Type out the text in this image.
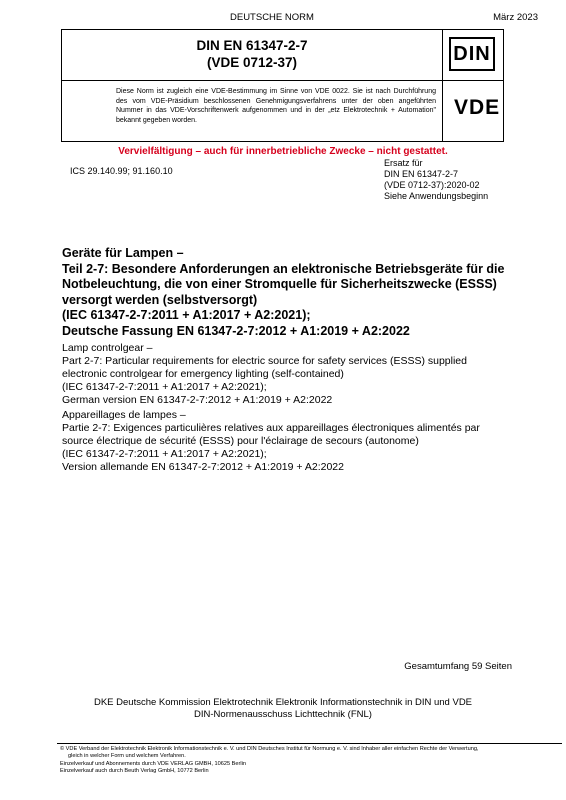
DEUTSCHE NORM	März 2023
DIN EN 61347-2-7
(VDE 0712-37)	DIN
Diese Norm ist zugleich eine VDE-Bestimmung im Sinne von VDE 0022. Sie ist nach Durchführung des vom VDE-Präsidium beschlossenen Genehmigungsverfahrens unter der oben angeführten Nummer in das VDE-Vorschriftenwerk aufgenommen und in der „etz Elektrotechnik + Automation" bekannt gegeben worden.
VDE
Vervielfältigung – auch für innerbetriebliche Zwecke – nicht gestattet.
ICS 29.140.99; 91.160.10
Ersatz für
DIN EN 61347-2-7
(VDE 0712-37):2020-02
Siehe Anwendungsbeginn
Geräte für Lampen –
Teil 2-7: Besondere Anforderungen an elektronische Betriebsgeräte für die
Notbeleuchtung, die von einer Stromquelle für Sicherheitszwecke (ESSS)
versorgt werden (selbstversorgt)
(IEC 61347-2-7:2011 + A1:2017 + A2:2021);
Deutsche Fassung EN 61347-2-7:2012 + A1:2019 + A2:2022
Lamp controlgear –
Part 2-7: Particular requirements for electric source for safety services (ESSS) supplied
electronic controlgear for emergency lighting (self-contained)
(IEC 61347-2-7:2011 + A1:2017 + A2:2021);
German version EN 61347-2-7:2012 + A1:2019 + A2:2022
Appareillages de lampes –
Partie 2-7: Exigences particulières relatives aux appareillages électroniques alimentés par
source électrique de sécurité (ESSS) pour l'éclairage de secours (autonome)
(IEC 61347-2-7:2011 + A1:2017 + A2:2021);
Version allemande EN 61347-2-7:2012 + A1:2019 + A2:2022
Gesamtumfang 59 Seiten
DKE Deutsche Kommission Elektrotechnik Elektronik Informationstechnik in DIN und VDE
DIN-Normenausschuss Lichttechnik (FNL)
© VDE Verband der Elektrotechnik Elektronik Informationstechnik e. V. und DIN Deutsches Institut für Normung e. V. sind Inhaber aller einfachen Rechte der Verwertung,
gleich in welcher Form und welchem Verfahren.
Einzelverkauf und Abonnements durch VDE VERLAG GMBH, 10625 Berlin
Einzelverkauf auch durch Beuth Verlag GmbH, 10772 Berlin
